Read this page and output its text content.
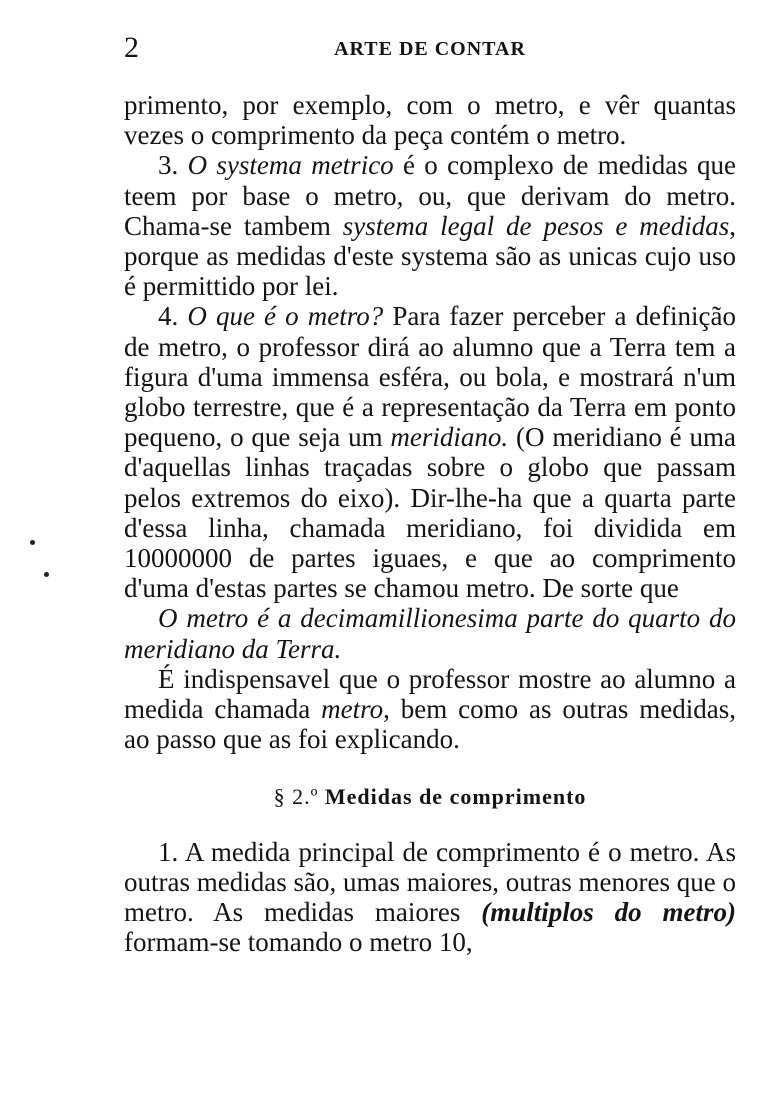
2	ARTE DE CONTAR

primento, por exemplo, com o metro, e vêr quantas vezes o comprimento da peça contém o metro.

3. O systema metrico é o complexo de medidas que teem por base o metro, ou, que derivam do metro. Chama-se tambem systema legal de pesos e medidas, porque as medidas d'este systema são as unicas cujo uso é permittido por lei.

4. O que é o metro? Para fazer perceber a definição de metro, o professor dirá ao alumno que a Terra tem a figura d'uma immensa esféra, ou bola, e mostrará n'um globo terrestre, que é a representação da Terra em ponto pequeno, o que seja um meridiano. (O meridiano é uma d'aquellas linhas traçadas sobre o globo que passam pelos extremos do eixo). Dir-lhe-ha que a quarta parte d'essa linha, chamada meridiano, foi dividida em 10000000 de partes iguaes, e que ao comprimento d'uma d'estas partes se chamou metro. De sorte que

O metro é a decimamillionesima parte do quarto do meridiano da Terra.

É indispensavel que o professor mostre ao alumno a medida chamada metro, bem como as outras medidas, ao passo que as foi explicando.

§ 2.º Medidas de comprimento

1. A medida principal de comprimento é o metro. As outras medidas são, umas maiores, outras menores que o metro. As medidas maiores (multiplos do metro) formam-se tomando o metro 10,
